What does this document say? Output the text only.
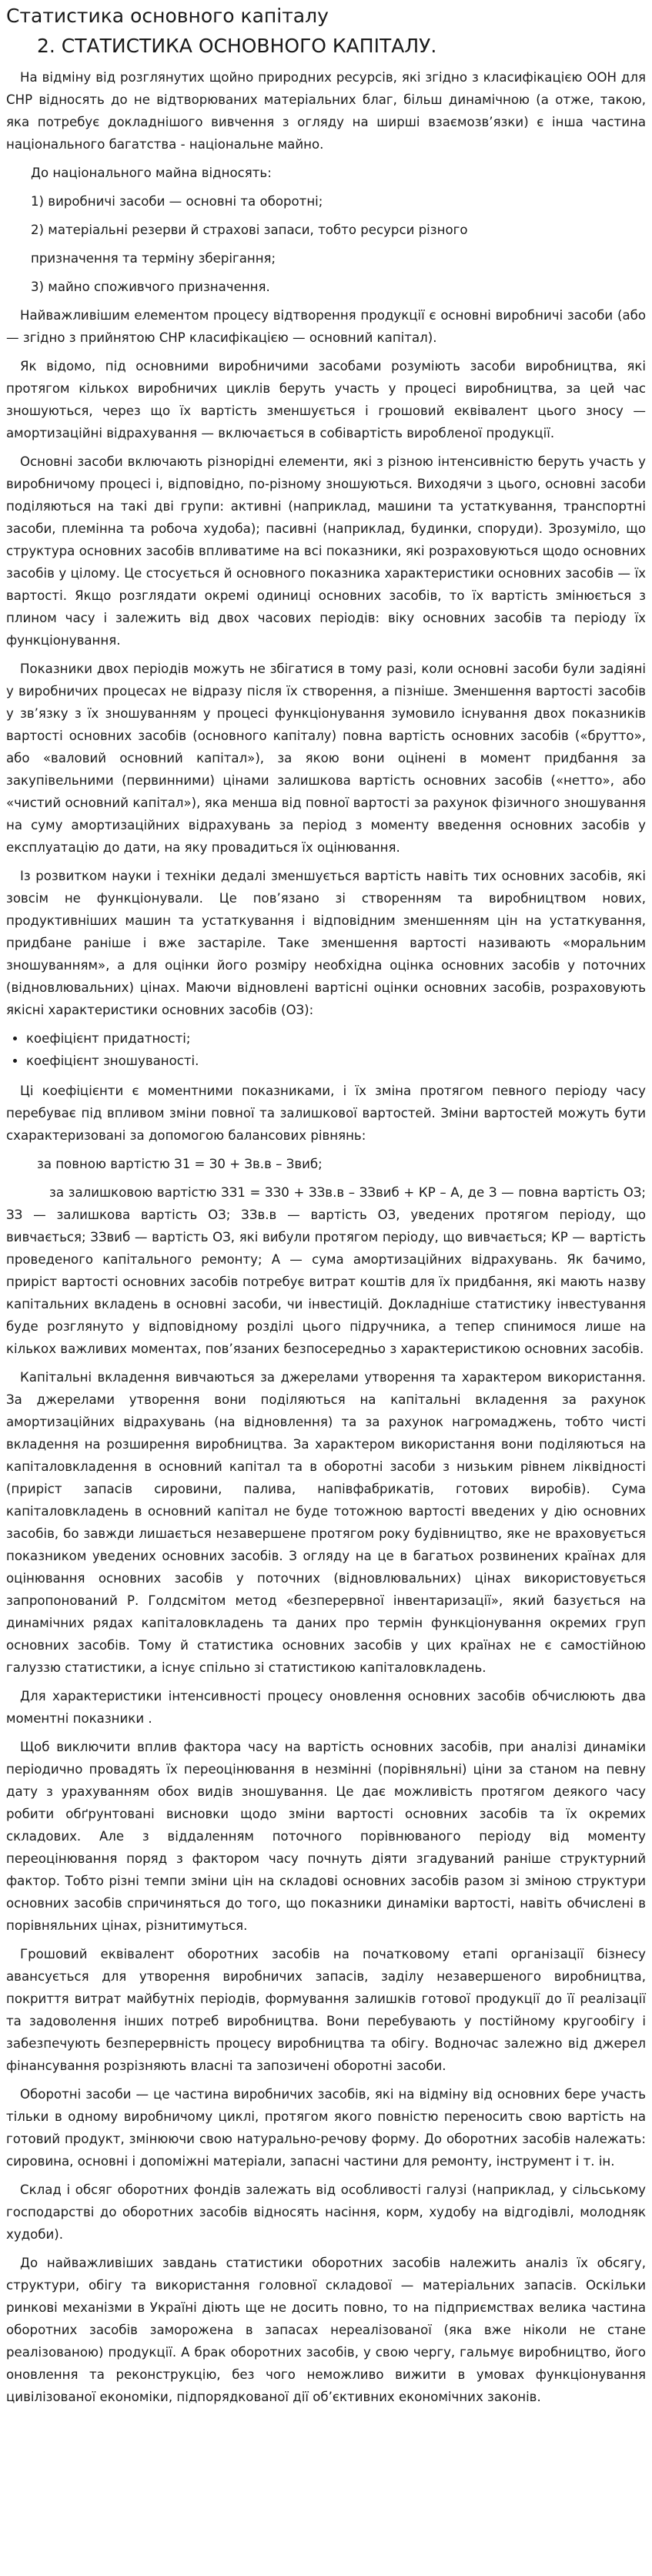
Статистика основного капіталу
2. СТАТИСТИКА ОСНОВНОГО КАПІТАЛУ.

На відміну від розглянутих щойно природних ресурсів, які згідно з класифікацією ООН для СНР відносять до не відтворюваних матеріальних благ, більш динамічною (а отже, такою, яка потребує докладнішого вивчення з огляду на ширші взаємозв’язки) є інша частина національного багатства - національне майно.

До національного майна відносять:

1) виробничі засоби — основні та оборотні;

2) матеріальні резерви й страхові запаси, тобто ресурси різного

призначення та терміну зберігання;

3) майно споживчого призначення.

Найважливішим елементом процесу відтворення продукції є основні виробничі засоби (або — згідно з прийнятою СНР класифікацією — основний капітал).

Як відомо, під основними виробничими засобами розуміють засоби виробництва, які протягом кількох виробничих циклів беруть участь у процесі виробництва, за цей час зношуються, через що їх вартість зменшується і грошовий еквівалент цього зносу — амортизаційні відрахування — включається в собівартість виробленої продукції.

Основні засоби включають різнорідні елементи, які з різною інтенсивністю беруть участь у виробничому процесі і, відповідно, по-різному зношуються. Виходячи з цього, основні засоби поділяються на такі дві групи: активні (наприклад, машини та устаткування, транспортні засоби, племінна та робоча худоба); пасивні (наприклад, будинки, споруди). Зрозуміло, що структура основних засобів впливатиме на всі показники, які розраховуються щодо основних засобів у цілому. Це стосується й основного показника характеристики основних засобів — їх вартості. Якщо розглядати окремі одиниці основних засобів, то їх вартість змінюється з плином часу і залежить від двох часових періодів: віку основних засобів та періоду їх функціонування.

Показники двох періодів можуть не збігатися в тому разі, коли основні засоби були задіяні у виробничих процесах не відразу після їх створення, а пізніше. Зменшення вартості засобів у зв’язку з їх зношуванням у процесі функціонування зумовило існування двох показників вартості основних засобів (основного капіталу) повна вартість основних засобів («брутто», або «валовий основний капітал»), за якою вони оцінені в момент придбання за закупівельними (первинними) цінами залишкова вартість основних засобів («нетто», або «чистий основний капітал»), яка менша від повної вартості за рахунок фізичного зношування на суму амортизаційних відрахувань за період з моменту введення основних засобів у експлуатацію до дати, на яку провадиться їх оцінювання.

Із розвитком науки і техніки дедалі зменшується вартість навіть тих основних засобів, які зовсім не функціонували. Це пов’язано зі створенням та виробництвом нових, продуктивніших машин та устаткування і відповідним зменшенням цін на устаткування, придбане раніше і вже застаріле. Таке зменшення вартості називають «моральним зношуванням», а для оцінки його розміру необхідна оцінка основних засобів у поточних (відновлювальних) цінах. Маючи відновлені вартісні оцінки основних засобів, розраховують якісні характеристики основних засобів (ОЗ):

• коефіцієнт придатності;
• коефіцієнт зношуваності.

Ці коефіцієнти є моментними показниками, і їх зміна протягом певного періоду часу перебуває під впливом зміни повної та залишкової вартостей. Зміни вартостей можуть бути схарактеризовані за допомогою балансових рівнянь:

за повною вартістю З1 = З0 + Зв.в – Звиб;

за залишковою вартістю ЗЗ1 = ЗЗ0 + ЗЗв.в – ЗЗвиб + КР – А, де З — повна вартість ОЗ; ЗЗ — залишкова вартість ОЗ; ЗЗв.в — вартість ОЗ, уведених протягом періоду, що вивчається; ЗЗвиб — вартість ОЗ, які вибули протягом періоду, що вивчається; КР — вартість проведеного капітального ремонту; А — сума амортизаційних відрахувань. Як бачимо, приріст вартості основних засобів потребує витрат коштів для їх придбання, які мають назву капітальних вкладень в основні засоби, чи інвестицій. Докладніше статистику інвестування буде розглянуто у відповідному розділі цього підручника, а тепер спинимося лише на кількох важливих моментах, пов’язаних безпосередньо з характеристикою основних засобів.

Капітальні вкладення вивчаються за джерелами утворення та характером використання. За джерелами утворення вони поділяються на капітальні вкладення за рахунок амортизаційних відрахувань (на відновлення) та за рахунок нагромаджень, тобто чисті вкладення на розширення виробництва. За характером використання вони поділяються на капіталовкладення в основний капітал та в оборотні засоби з низьким рівнем ліквідності (приріст запасів сировини, палива, напівфабрикатів, готових виробів). Сума капіталовкладень в основний капітал не буде тотожною вартості введених у дію основних засобів, бо завжди лишається незавершене протягом року будівництво, яке не враховується показником уведених основних засобів. З огляду на це в багатьох розвинених країнах для оцінювання основних засобів у поточних (відновлювальних) цінах використовується запропонований Р. Голдсмітом метод «безперервної інвентаризації», який базується на динамічних рядах капіталовкладень та даних про термін функціонування окремих груп основних засобів. Тому й статистика основних засобів у цих країнах не є самостійною галуззю статистики, а існує спільно зі статистикою капіталовкладень.

Для характеристики інтенсивності процесу оновлення основних засобів обчислюють два моментні показники .

Щоб виключити вплив фактора часу на вартість основних засобів, при аналізі динаміки періодично провадять їх переоцінювання в незмінні (порівняльні) ціни за станом на певну дату з урахуванням обох видів зношування. Це дає можливість протягом деякого часу робити обґрунтовані висновки щодо зміни вартості основних засобів та їх окремих складових. Але з віддаленням поточного порівнюваного періоду від моменту переоцінювання поряд з фактором часу почнуть діяти згадуваний раніше структурний фактор. Тобто різні темпи зміни цін на складові основних засобів разом зі зміною структури основних засобів спричиняться до того, що показники динаміки вартості, навіть обчислені в порівняльних цінах, різнитимуться.

Грошовий еквівалент оборотних засобів на початковому етапі організації бізнесу авансується для утворення виробничих запасів, заділу незавершеного виробництва, покриття витрат майбутніх періодів, формування залишків готової продукції до її реалізації та задоволення інших потреб виробництва. Вони перебувають у постійному кругообігу і забезпечують безперервність процесу виробництва та обігу. Водночас залежно від джерел фінансування розрізняють власні та запозичені оборотні засоби.

Оборотні засоби — це частина виробничих засобів, які на відміну від основних бере участь тільки в одному виробничому циклі, протягом якого повністю переносить свою вартість на готовий продукт, змінюючи свою натурально-речову форму. До оборотних засобів належать: сировина, основні і допоміжні матеріали, запасні частини для ремонту, інструмент і т. ін.

Склад і обсяг оборотних фондів залежать від особливості галузі (наприклад, у сільському господарстві до оборотних засобів відносять насіння, корм, худобу на відгодівлі, молодняк худоби).

До найважливіших завдань статистики оборотних засобів належить аналіз їх обсягу, структури, обігу та використання головної складової — матеріальних запасів. Оскільки ринкові механізми в Україні діють ще не досить повно, то на підприємствах велика частина оборотних засобів заморожена в запасах нереалізованої (яка вже ніколи не стане реалізованою) продукції. А брак оборотних засобів, у свою чергу, гальмує виробництво, його оновлення та реконструкцію, без чого неможливо вижити в умовах функціонування цивілізованої економіки, підпорядкованої дії об’єктивних економічних законів.
